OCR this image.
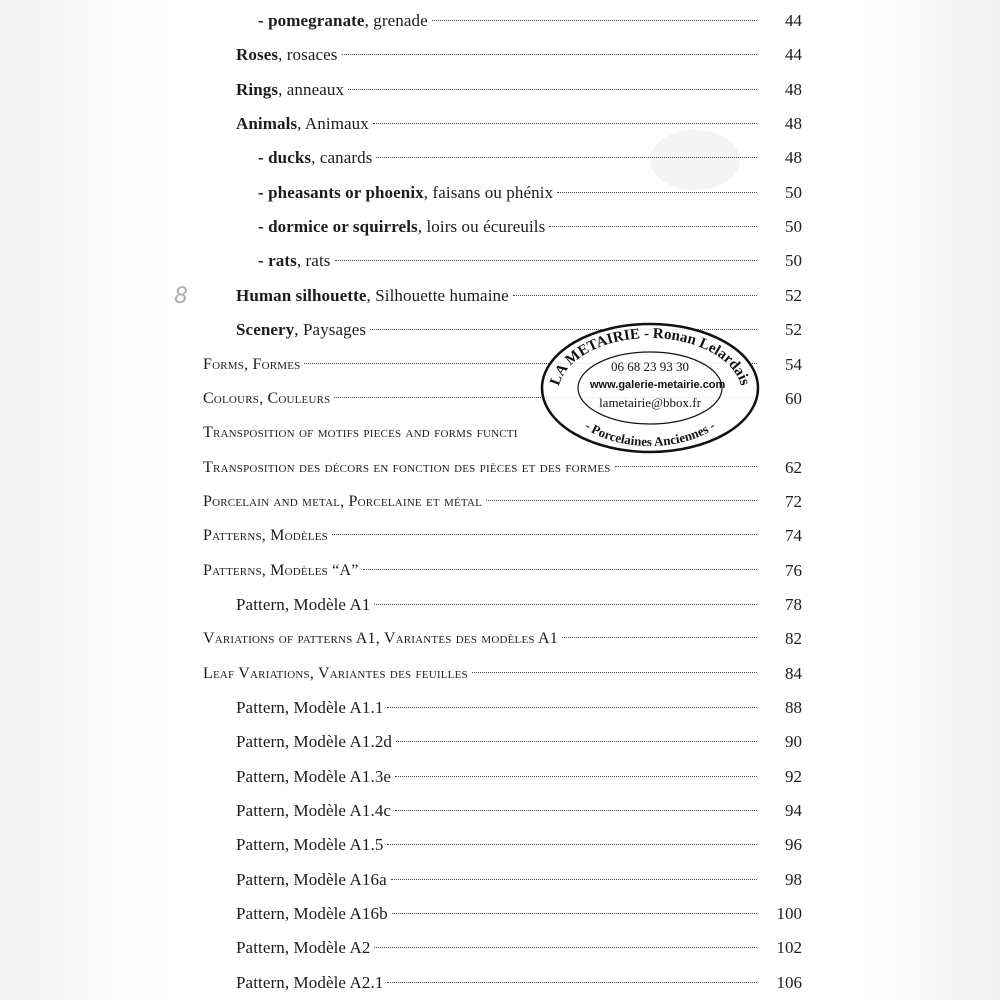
8
- pomegranate, grenade	44
Roses, rosaces	44
Rings, anneaux	48
Animals, Animaux	48
- ducks, canards	48
- pheasants or phoenix, faisans ou phénix	50
- dormice or squirrels, loirs ou écureuils	50
- rats, rats	50
Human silhouette, Silhouette humaine	52
Scenery, Paysages	52
Forms, Formes	54
Colours, Couleurs	60
Transposition of motifs pieces and forms functi
Transposition des décors en fonction des pièces et des formes	62
Porcelain and metal, Porcelaine et métal	72
Patterns, Modèles	74
Patterns, Modèles “A”	76
Pattern, Modèle A1	78
Variations of patterns A1, Variantes des modèles A1	82
Leaf Variations, Variantes des feuilles	84
Pattern, Modèle A1.1	88
Pattern, Modèle A1.2d	90
Pattern, Modèle A1.3e	92
Pattern, Modèle A1.4c	94
Pattern, Modèle A1.5	96
Pattern, Modèle A16a	98
Pattern, Modèle A16b	100
Pattern, Modèle A2	102
Pattern, Modèle A2.1	106
LA METAIRIE - Ronan Lelardais
- Porcelaines Anciennes -
06 68 23 93 30
www.galerie-metairie.com
lametairie@bbox.fr
